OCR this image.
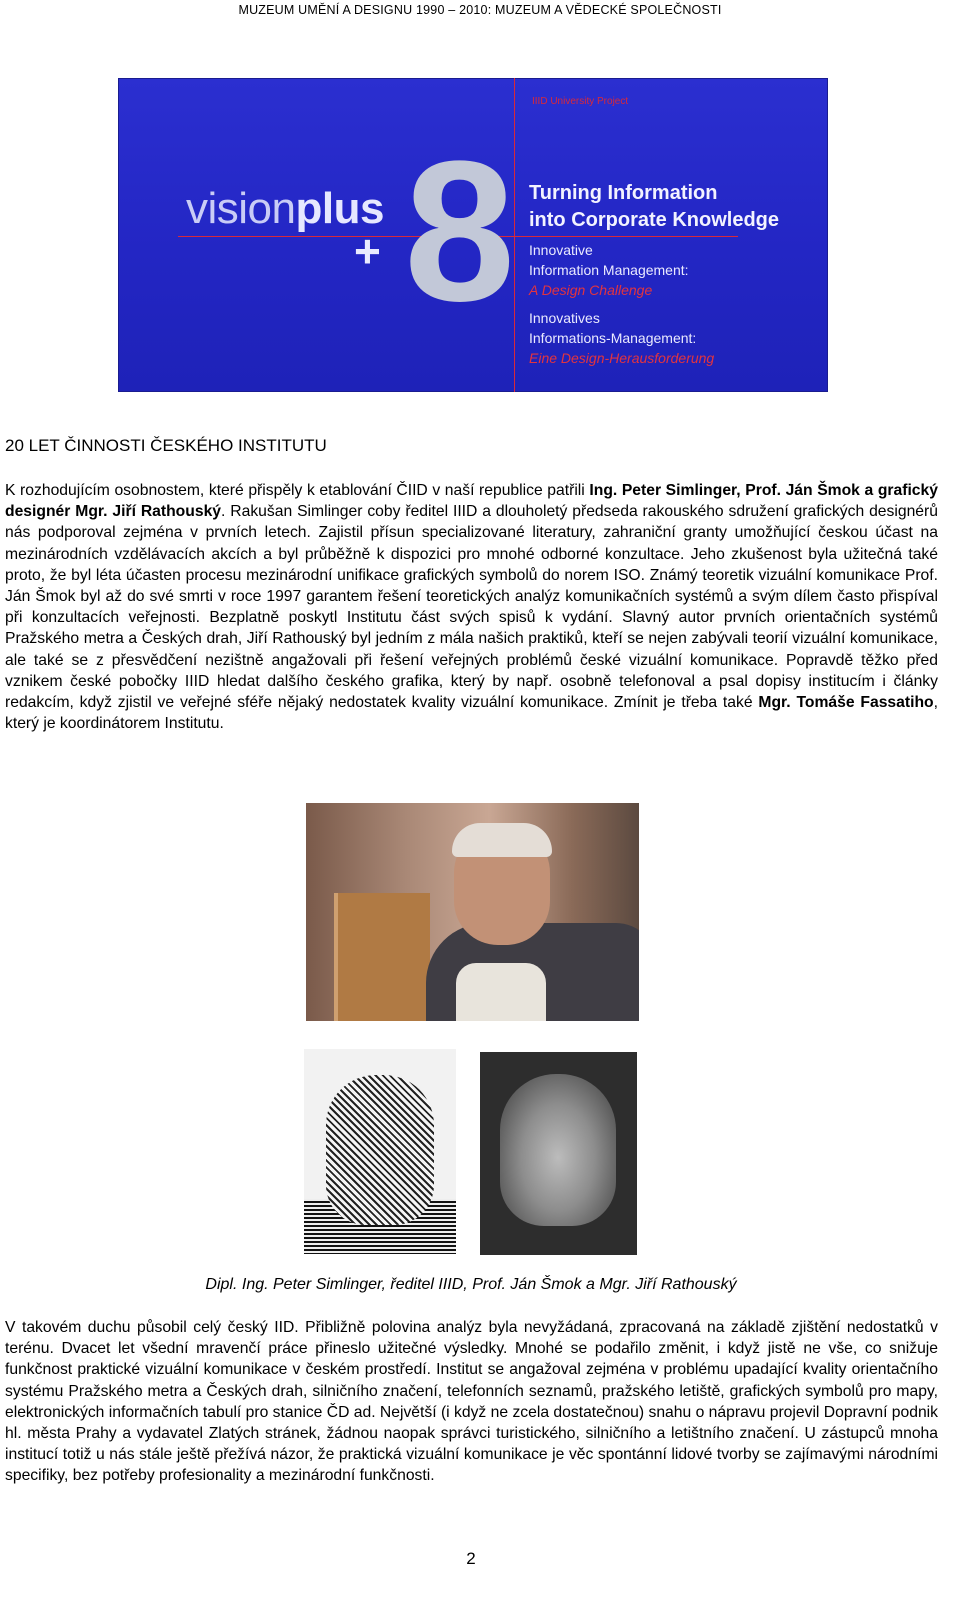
MUZEUM UMĚNÍ A DESIGNU 1990 – 2010: MUZEUM A VĚDECKÉ SPOLEČNOSTI
IIID University Project
visionplus
+ 8 Turning Information
into Corporate Knowledge
Innovative
Information Management:
A Design Challenge
Innovatives
Informations-Management:
Eine Design-Herausforderung
20 LET ČINNOSTI ČESKÉHO INSTITUTU

K rozhodujícím osobnostem, které přispěly k etablování ČIID v naší republice patřili Ing. Peter Simlinger, Prof. Ján Šmok a grafický designér Mgr. Jiří Rathouský. Rakušan Simlinger coby ředitel IIID a dlouholetý předseda rakouského sdružení grafických designérů nás podporoval zejména v prvních letech. Zajistil přísun specializované literatury, zahraniční granty umožňující českou účast na mezinárodních vzdělávacích akcích a byl průběžně k dispozici pro mnohé odborné konzultace. Jeho zkušenost byla užitečná také proto, že byl léta účasten procesu mezinárodní unifikace grafických symbolů do norem ISO. Známý teoretik vizuální komunikace Prof. Ján Šmok byl až do své smrti v roce 1997 garantem řešení teoretických analýz komunikačních systémů a svým dílem často přispíval při konzultacích veřejnosti. Bezplatně poskytl Institutu část svých spisů k vydání. Slavný autor prvních orientačních systémů Pražského metra a Českých drah, Jiří Rathouský byl jedním z mála našich praktiků, kteří se nejen zabývali teorií vizuální komunikace, ale také se z přesvědčení nezištně angažovali při řešení veřejných problémů české vizuální komunikace. Popravdě těžko před vznikem české pobočky IIID hledat dalšího českého grafika, který by např. osobně telefonoval a psal dopisy institucím i články redakcím, když zjistil ve veřejné sféře nějaký nedostatek kvality vizuální komunikace. Zmínit je třeba také Mgr. Tomáše Fassatiho, který je koordinátorem Institutu.

Dipl. Ing. Peter Simlinger, ředitel IIID, Prof. Ján Šmok a Mgr. Jiří Rathouský

V takovém duchu působil celý český IID. Přibližně polovina analýz byla nevyžádaná, zpracovaná na základě zjištění nedostatků v terénu. Dvacet let všední mravenčí práce přineslo užitečné výsledky. Mnohé se podařilo změnit, i když jistě ne vše, co snižuje funkčnost praktické vizuální komunikace v českém prostředí. Institut se angažoval zejména v problému upadající kvality orientačního systému Pražského metra a Českých drah, silničního značení, telefonních seznamů, pražského letiště, grafických symbolů pro mapy, elektronických informačních tabulí pro stanice ČD ad. Největší (i když ne zcela dostatečnou) snahu o nápravu projevil Dopravní podnik hl. města Prahy a vydavatel Zlatých stránek, žádnou naopak správci turistického, silničního a letištního značení. U zástupců mnoha institucí totiž u nás stále ještě přežívá názor, že praktická vizuální komunikace je věc spontánní lidové tvorby se zajímavými národními specifiky, bez potřeby profesionality a mezinárodní funkčnosti.

2
